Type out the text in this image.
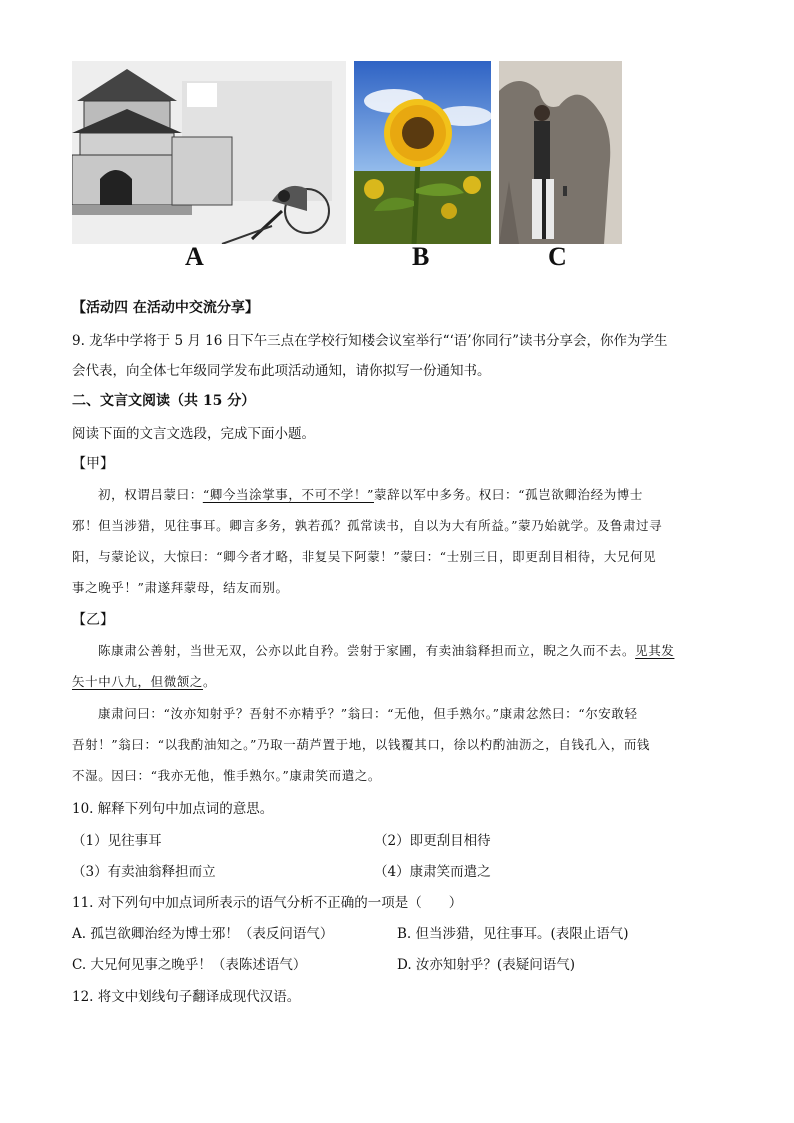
A	B	C
【活动四 在活动中交流分享】
9. 龙华中学将于 5 月 16 日下午三点在学校行知楼会议室举行“‘语’你同行”读书分享会，你作为学生
会代表，向全体七年级同学发布此项活动通知，请你拟写一份通知书。
二、文言文阅读（共 15 分）
阅读下面的文言文选段，完成下面小题。
【甲】
初，权谓吕蒙曰：“卿今当涂掌事，不可不学！”蒙辞以军中多务。权曰：“孤岂欲卿治经为博士
邪！但当涉猎，见往事耳。卿言多务，孰若孤？孤常读书，自以为大有所益。”蒙乃始就学。及鲁肃过寻
阳，与蒙论议，大惊曰：“卿今者才略，非复吴下阿蒙！”蒙曰：“士别三日，即更刮目相待，大兄何见
事之晚乎！”肃遂拜蒙母，结友而别。
【乙】
陈康肃公善射，当世无双，公亦以此自矜。尝射于家圃，有卖油翁释担而立，睨之久而不去。见其发
矢十中八九，但微颔之。
康肃问曰：“汝亦知射乎？吾射不亦精乎？”翁曰：“无他，但手熟尔。”康肃忿然曰：“尔安敢轻
吾射！”翁曰：“以我酌油知之。”乃取一葫芦置于地，以钱覆其口，徐以杓酌油沥之，自钱孔入，而钱
不湿。因曰：“我亦无他，惟手熟尔。”康肃笑而遣之。
10. 解释下列句中加点词的意思。
（1）见往事耳	（2）即更刮目相待
（3）有卖油翁释担而立	（4）康肃笑而遣之
11. 对下列句中加点词所表示的语气分析不正确的一项是（　　）
A. 孤岂欲卿治经为博士邪！（表反问语气）	B. 但当涉猎，见往事耳。(表限止语气)
C. 大兄何见事之晚乎！（表陈述语气）	D. 汝亦知射乎？(表疑问语气)
12. 将文中划线句子翻译成现代汉语。
